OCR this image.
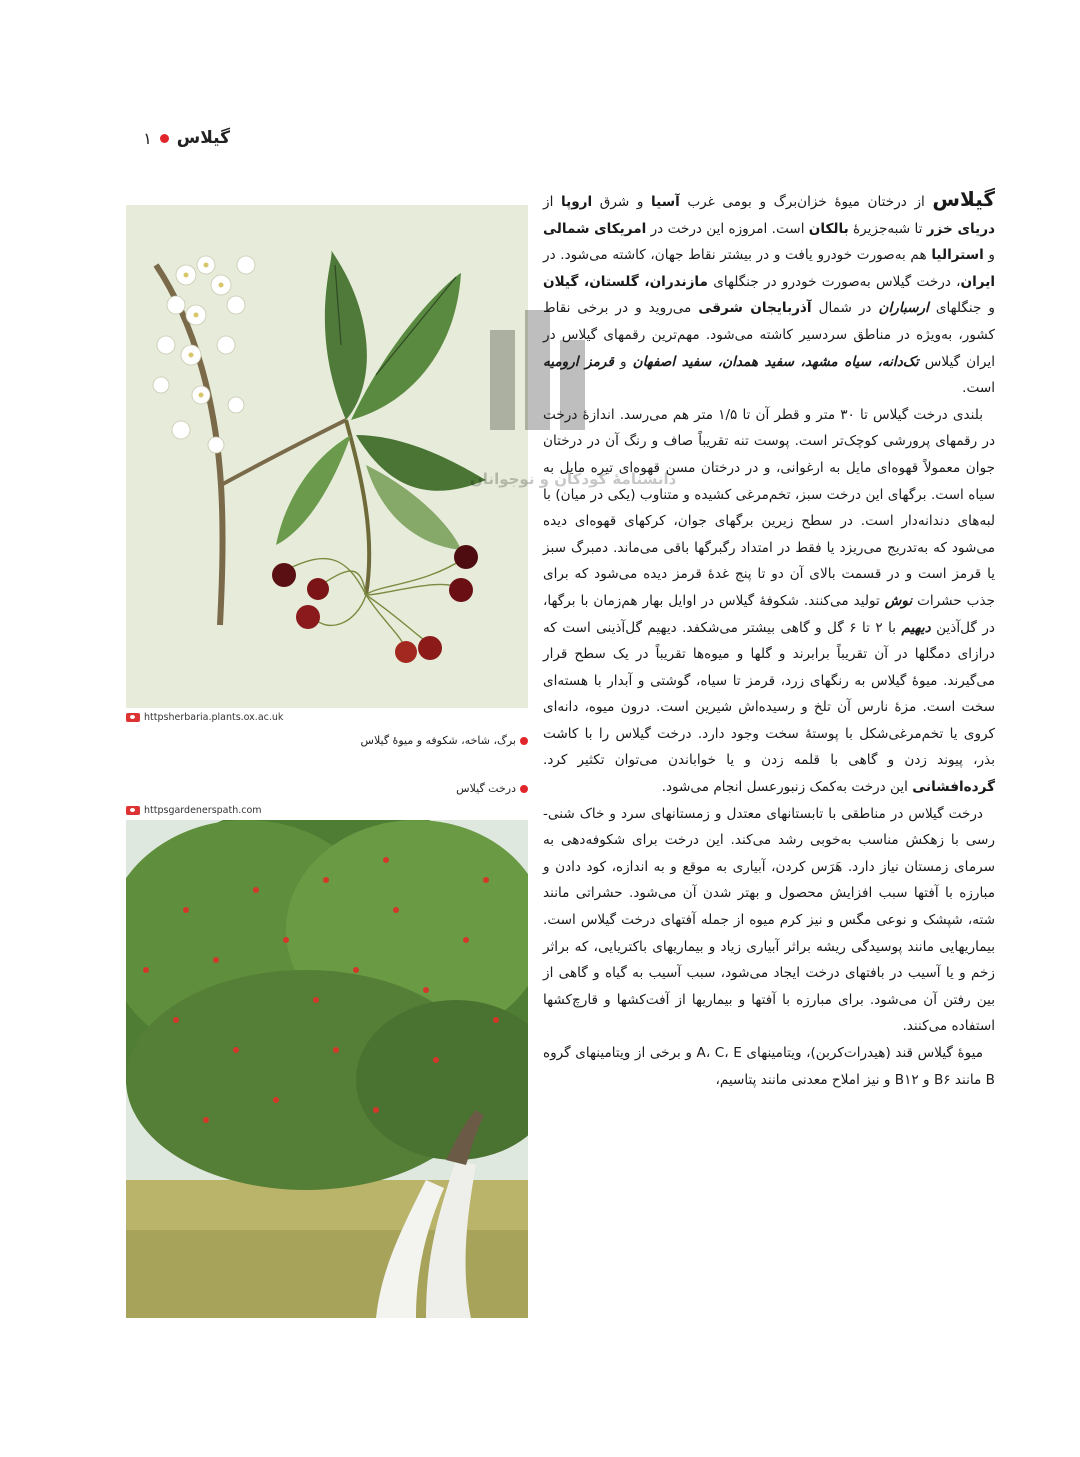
گیلاس
۱
httpsherbaria.plants.ox.ac.uk
برگ، شاخه، شکوفه و میوهٔ گیلاس
درخت گیلاس
httpsgardenerspath.com
دانشنامهٔ کودکان و نوجوانان

گیلاس از درختان میوهٔ خزان‌برگ و بومی غرب آسیا و شرق اروپا از دریای خزر تا شبه‌جزیرهٔ بالکان است. امروزه این درخت در امریکای شمالی و استرالیا هم به‌صورت خودرو یافت و در بیشتر نقاط جهان، کاشته می‌شود. در ایران، درخت گیلاس به‌صورت خودرو در جنگلهای مازندران، گلستان، گیلان و جنگلهای ارسباران در شمال آذربایجان شرقی می‌روید و در برخی نقاط کشور، به‌ویژه در مناطق سردسیر کاشته می‌شود. مهم‌ترین رقمهای گیلاس در ایران گیلاس تک‌دانه، سیاه مشهد، سفید همدان، سفید اصفهان و قرمز ارومیه است.

بلندی درخت گیلاس تا ۳۰ متر و قطر آن تا ۱/۵ متر هم می‌رسد. اندازهٔ درخت در رقمهای پرورشی کوچک‌تر است. پوست تنه تقریباً صاف و رنگ آن در درختان جوان معمولاً قهوه‌ای مایل به ارغوانی، و در درختان مسن قهوه‌ای تیره مایل به سیاه است. برگهای این درخت سبز، تخم‌مرغی کشیده و متناوب (یکی در میان) با لبه‌های دندانه‌دار است. در سطح زیرین برگهای جوان، کرکهای قهوه‌ای دیده می‌شود که به‌تدریج می‌ریزد یا فقط در امتداد رگبرگها باقی می‌ماند. دمبرگ سبز یا قرمز است و در قسمت بالای آن دو تا پنج غدهٔ قرمز دیده می‌شود که برای جذب حشرات نوش تولید می‌کنند. شکوفهٔ گیلاس در اوایل بهار هم‌زمان با برگها، در گل‌آذین دیهیم با ۲ تا ۶ گل و گاهی بیشتر می‌شکفد. دیهیم گل‌آذینی است که درازای دمگلها در آن تقریباً برابرند و گلها و میوه‌ها تقریباً در یک سطح قرار می‌گیرند. میوهٔ گیلاس به رنگهای زرد، قرمز تا سیاه، گوشتی و آبدار با هسته‌ای سخت است. مزهٔ نارس آن تلخ و رسیده‌اش شیرین است. درون میوه، دانه‌ای کروی یا تخم‌مرغی‌شکل با پوستهٔ سخت وجود دارد. درخت گیلاس را با کاشت بذر، پیوند زدن و گاهی با قلمه زدن و یا خواباندن می‌توان تکثیر کرد. گرده‌افشانی این درخت به‌کمک زنبورعسل انجام می‌شود.

درخت گیلاس در مناطقی با تابستانهای معتدل و زمستانهای سرد و خاک شنی-رسی با زهکش مناسب به‌خوبی رشد می‌کند. این درخت برای شکوفه‌دهی به سرمای زمستان نیاز دارد. هَرَس کردن، آبیاری به موقع و به اندازه، کود دادن و مبارزه با آفتها سبب افزایش محصول و بهتر شدن آن می‌شود. حشراتی مانند شته، شپشک و نوعی مگس و نیز کرم میوه از جمله آفتهای درخت گیلاس است. بیماریهایی مانند پوسیدگی ریشه براثر آبیاری زیاد و بیماریهای باکتریایی، که براثر زخم و یا آسیب در بافتهای درخت ایجاد می‌شود، سبب آسیب به گیاه و گاهی از بین رفتن آن می‌شود. برای مبارزه با آفتها و بیماریها از آفت‌کشها و قارچ‌کشها استفاده می‌کنند.

میوهٔ گیلاس قند (هیدرات‌کربن)، ویتامینهای A، C، E و برخی از ویتامینهای گروه B مانند B۶ و B۱۲ و نیز املاح معدنی مانند پتاسیم،
